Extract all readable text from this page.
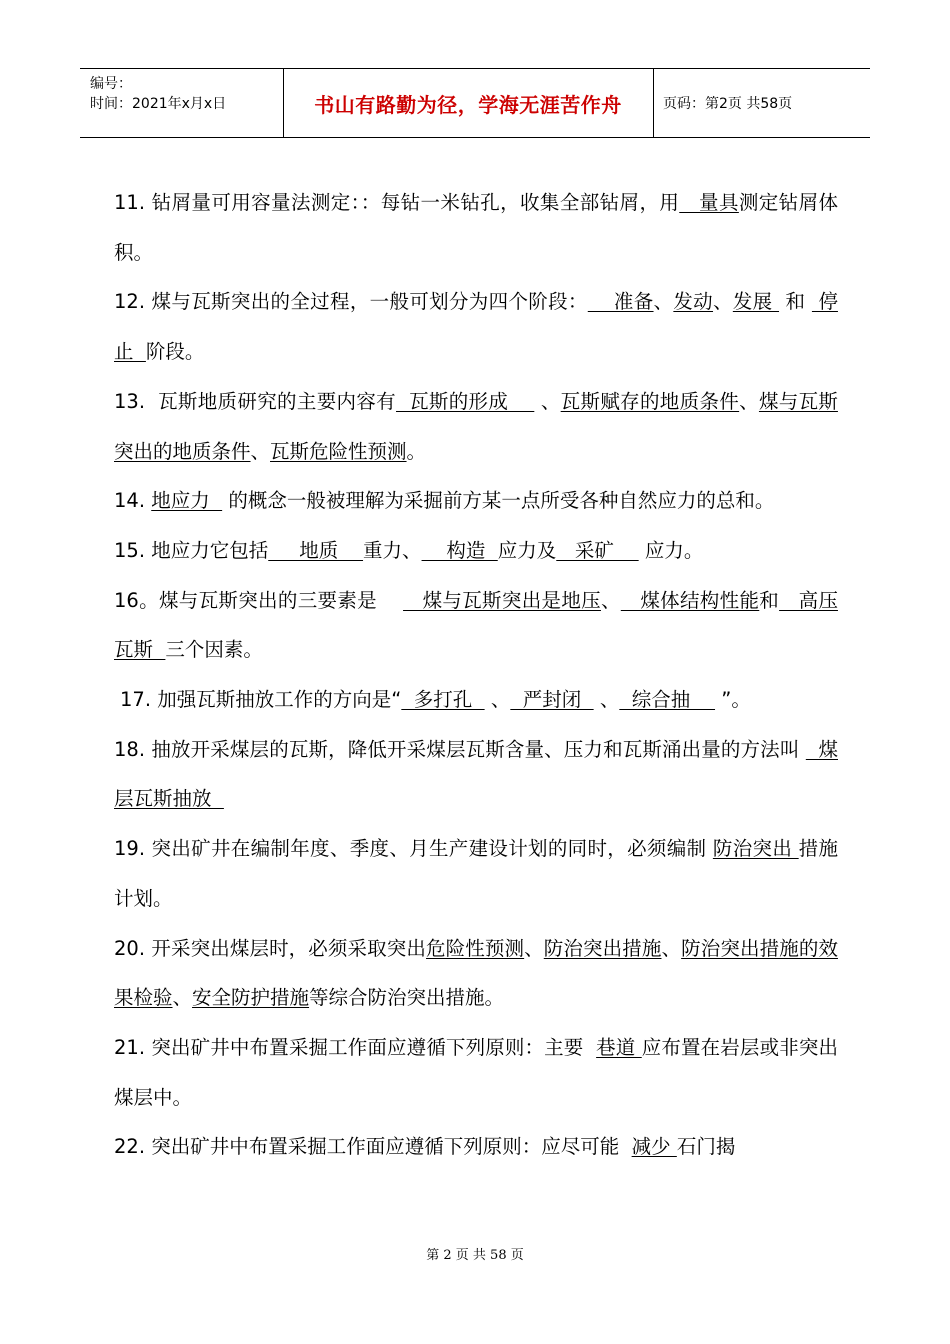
编号：
时间：2021年x月x日	书山有路勤为径，学海无涯苦作舟	页码：第2页 共58页

11. 钻屑量可用容量法测定：：每钻一米钻孔，收集全部钻屑，用   量具测定钻屑体积。

12. 煤与瓦斯突出的全过程，一般可划分为四个阶段：    准备、发动、发展  和  停止  阶段。

13.  瓦斯地质研究的主要内容有  瓦斯的形成     、瓦斯赋存的地质条件、煤与瓦斯突出的地质条件、瓦斯危险性预测。

14. 地应力   的概念一般被理解为采掘前方某一点所受各种自然应力的总和。

15. 地应力它包括     地质    重力、    构造  应力及   采矿     应力。

16。煤与瓦斯突出的三要素是       煤与瓦斯突出是地压、   煤体结构性能和   高压瓦斯  三个因素。

17. 加强瓦斯抽放工作的方向是“  多打孔   、  严封闭   、  综合抽     ”。

18. 抽放开采煤层的瓦斯，降低开采煤层瓦斯含量、压力和瓦斯涌出量的方法叫   煤层瓦斯抽放

19. 突出矿井在编制年度、季度、月生产建设计划的同时，必须编制 防治突出 措施计划。

20. 开采突出煤层时，必须采取突出危险性预测、防治突出措施、防治突出措施的效果检验、安全防护措施等综合防治突出措施。

21. 突出矿井中布置采掘工作面应遵循下列原则：主要  巷道 应布置在岩层或非突出煤层中。

22. 突出矿井中布置采掘工作面应遵循下列原则：应尽可能  减少 石门揭

第 2 页 共 58 页
